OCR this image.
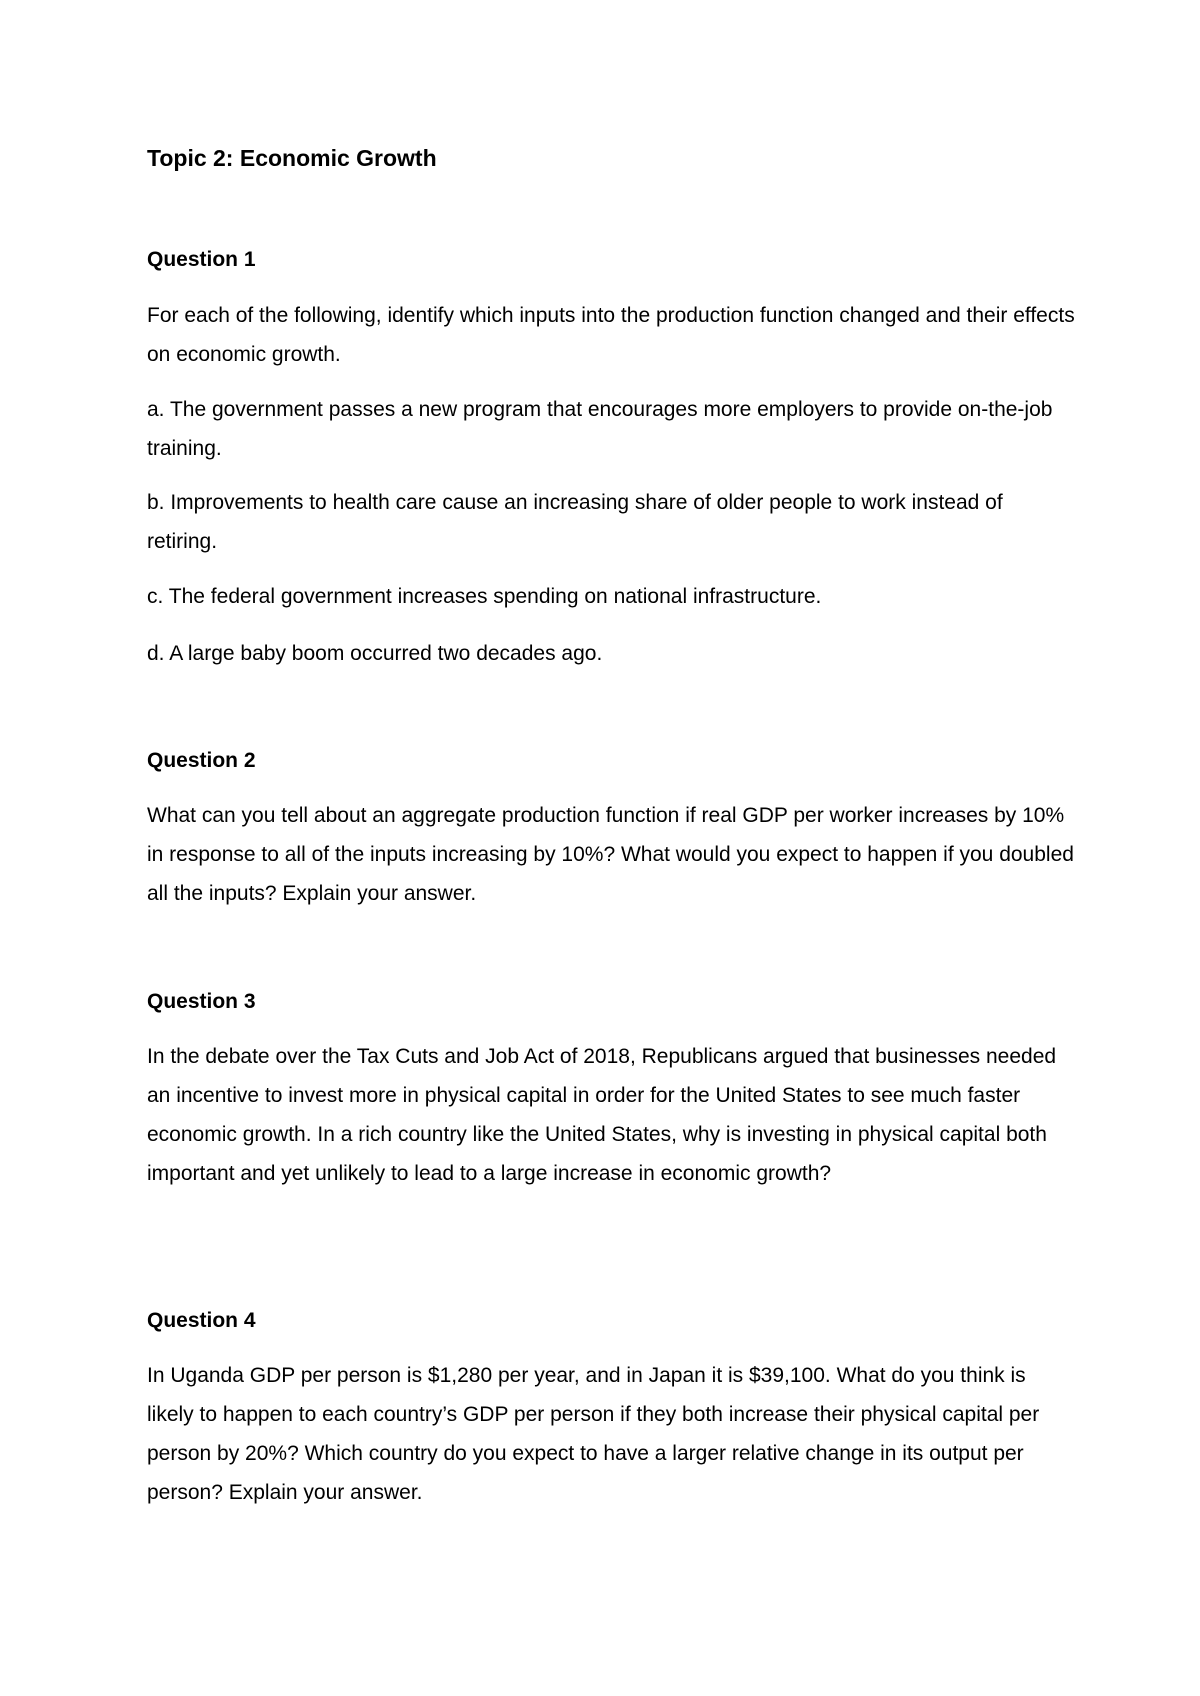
Topic 2: Economic Growth
Question 1

For each of the following, identify which inputs into the production function changed and their effects on economic growth.

a. The government passes a new program that encourages more employers to provide on-the-job training.

b. Improvements to health care cause an increasing share of older people to work instead of retiring.

c. The federal government increases spending on national infrastructure.

d. A large baby boom occurred two decades ago.

Question 2

What can you tell about an aggregate production function if real GDP per worker increases by 10% in response to all of the inputs increasing by 10%? What would you expect to happen if you doubled all the inputs? Explain your answer.

Question 3

In the debate over the Tax Cuts and Job Act of 2018, Republicans argued that businesses needed an incentive to invest more in physical capital in order for the United States to see much faster economic growth. In a rich country like the United States, why is investing in physical capital both important and yet unlikely to lead to a large increase in economic growth?

Question 4

In Uganda GDP per person is $1,280 per year, and in Japan it is $39,100. What do you think is likely to happen to each country’s GDP per person if they both increase their physical capital per person by 20%? Which country do you expect to have a larger relative change in its output per person? Explain your answer.
